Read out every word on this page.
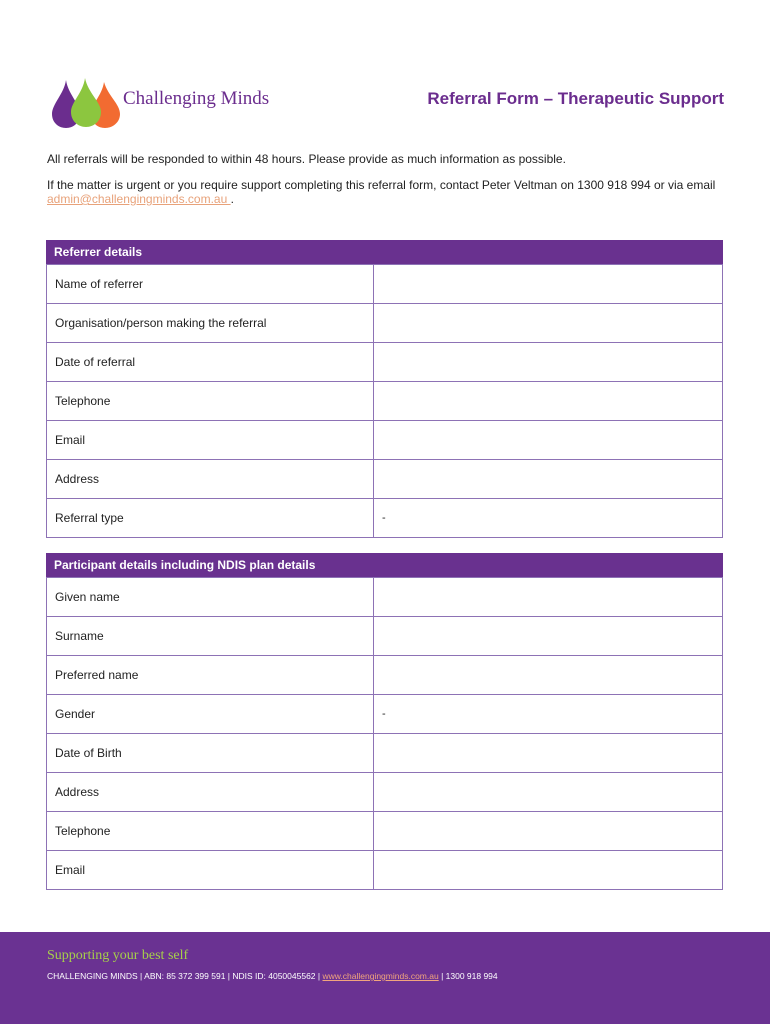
Challenging Minds	Referral Form – Therapeutic Support
All referrals will be responded to within 48 hours. Please provide as much information as possible.
If the matter is urgent or you require support completing this referral form, contact Peter Veltman on 1300 918 994 or via email admin@challengingminds.com.au .
Referrer details
Name of referrer	
Organisation/person making the referral	
Date of referral	
Telephone	
Email	
Address	
Referral type	-
Participant details including NDIS plan details
Given name	
Surname	
Preferred name	
Gender	-
Date of Birth	
Address	
Telephone	
Email	
Supporting your best self
CHALLENGING MINDS | ABN: 85 372 399 591 | NDIS ID: 4050045562 | www.challengingminds.com.au | 1300 918 994
